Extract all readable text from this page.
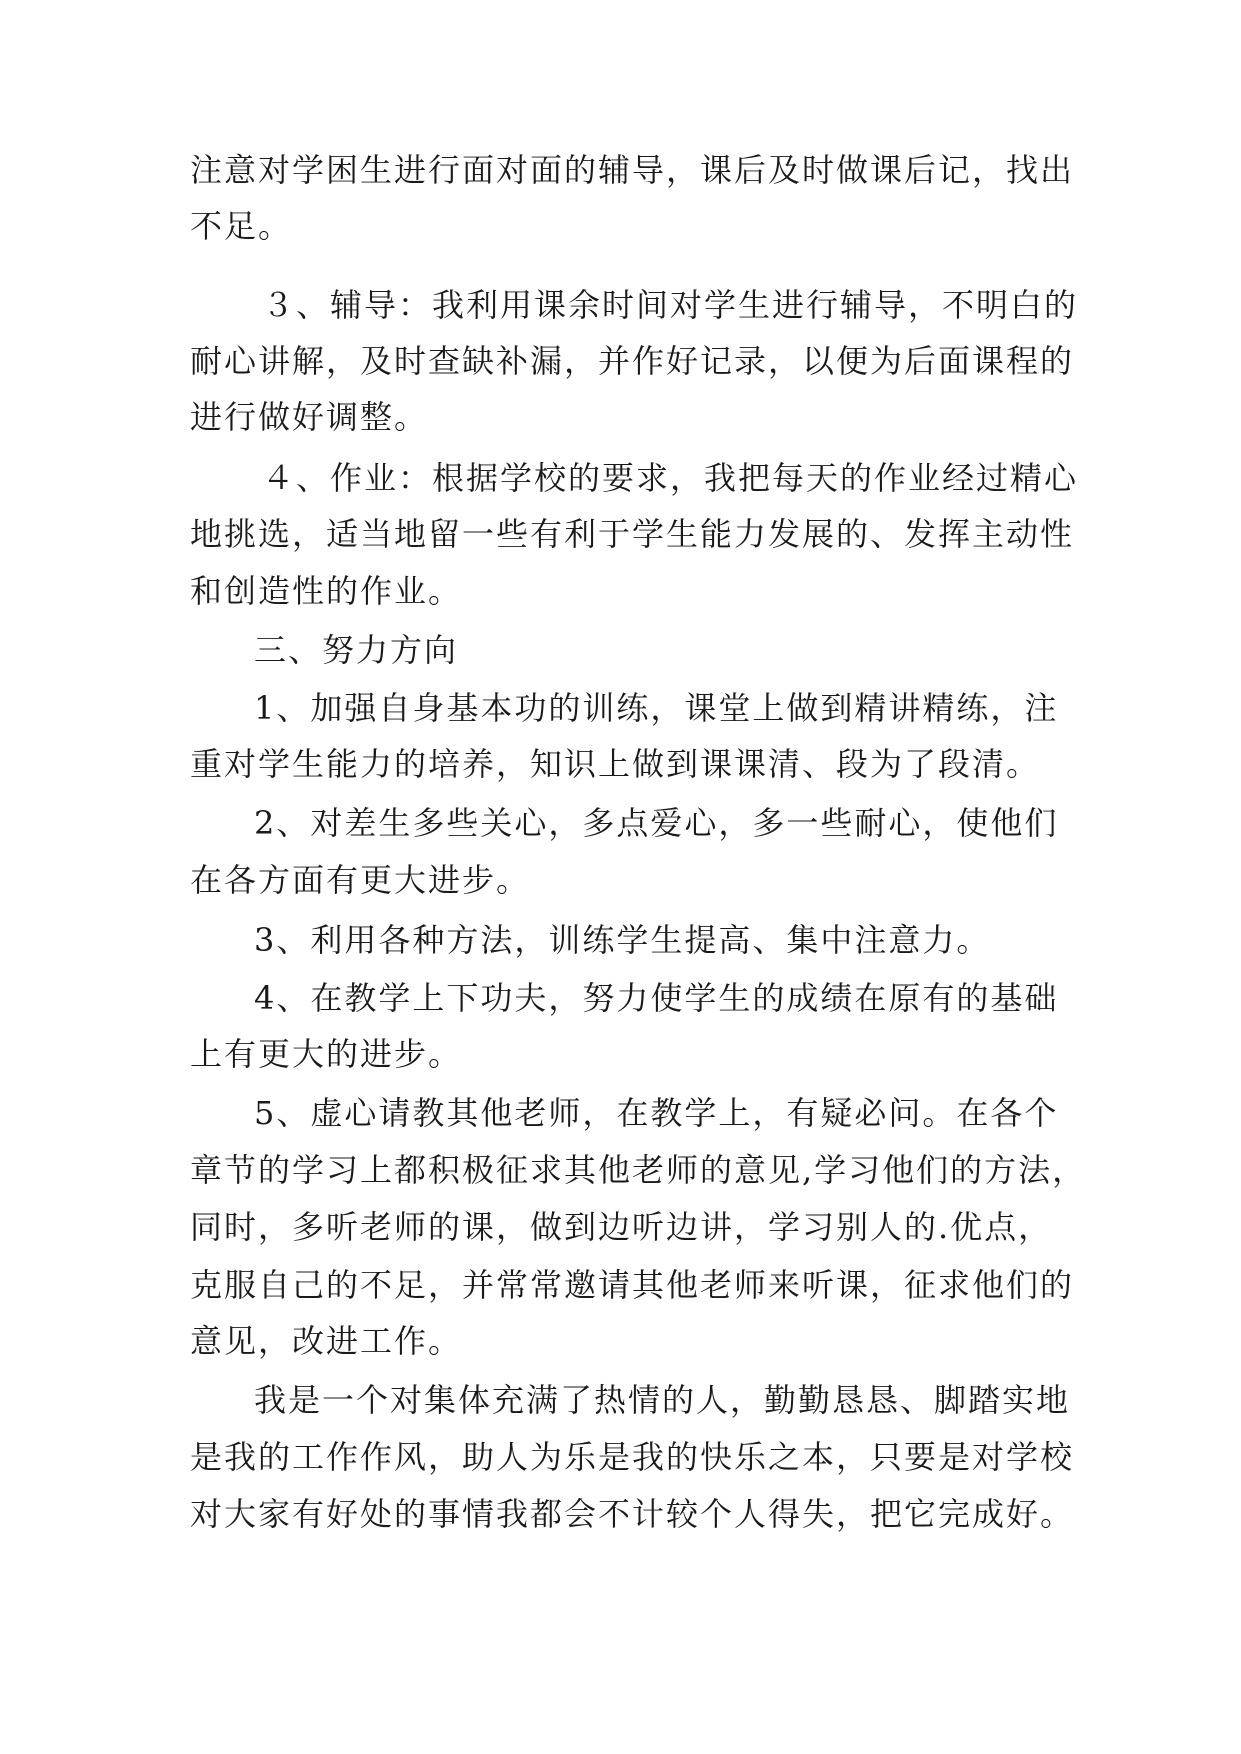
注意对学困生进行面对面的辅导，课后及时做课后记，找出

不足。

３、辅导：我利用课余时间对学生进行辅导，不明白的

耐心讲解，及时查缺补漏，并作好记录，以便为后面课程的

进行做好调整。

４、作业：根据学校的要求，我把每天的作业经过精心

地挑选，适当地留一些有利于学生能力发展的、发挥主动性

和创造性的作业。

三、努力方向

1、加强自身基本功的训练，课堂上做到精讲精练，注

重对学生能力的培养，知识上做到课课清、段为了段清。

2、对差生多些关心，多点爱心，多一些耐心，使他们

在各方面有更大进步。

3、利用各种方法，训练学生提高、集中注意力。

4、在教学上下功夫，努力使学生的成绩在原有的基础

上有更大的进步。

5、虚心请教其他老师，在教学上，有疑必问。在各个

章节的学习上都积极征求其他老师的意见,学习他们的方法，

同时，多听老师的课，做到边听边讲，学习别人的.优点，

克服自己的不足，并常常邀请其他老师来听课，征求他们的

意见，改进工作。

我是一个对集体充满了热情的人，勤勤恳恳、脚踏实地

是我的工作作风，助人为乐是我的快乐之本，只要是对学校

对大家有好处的事情我都会不计较个人得失，把它完成好。
